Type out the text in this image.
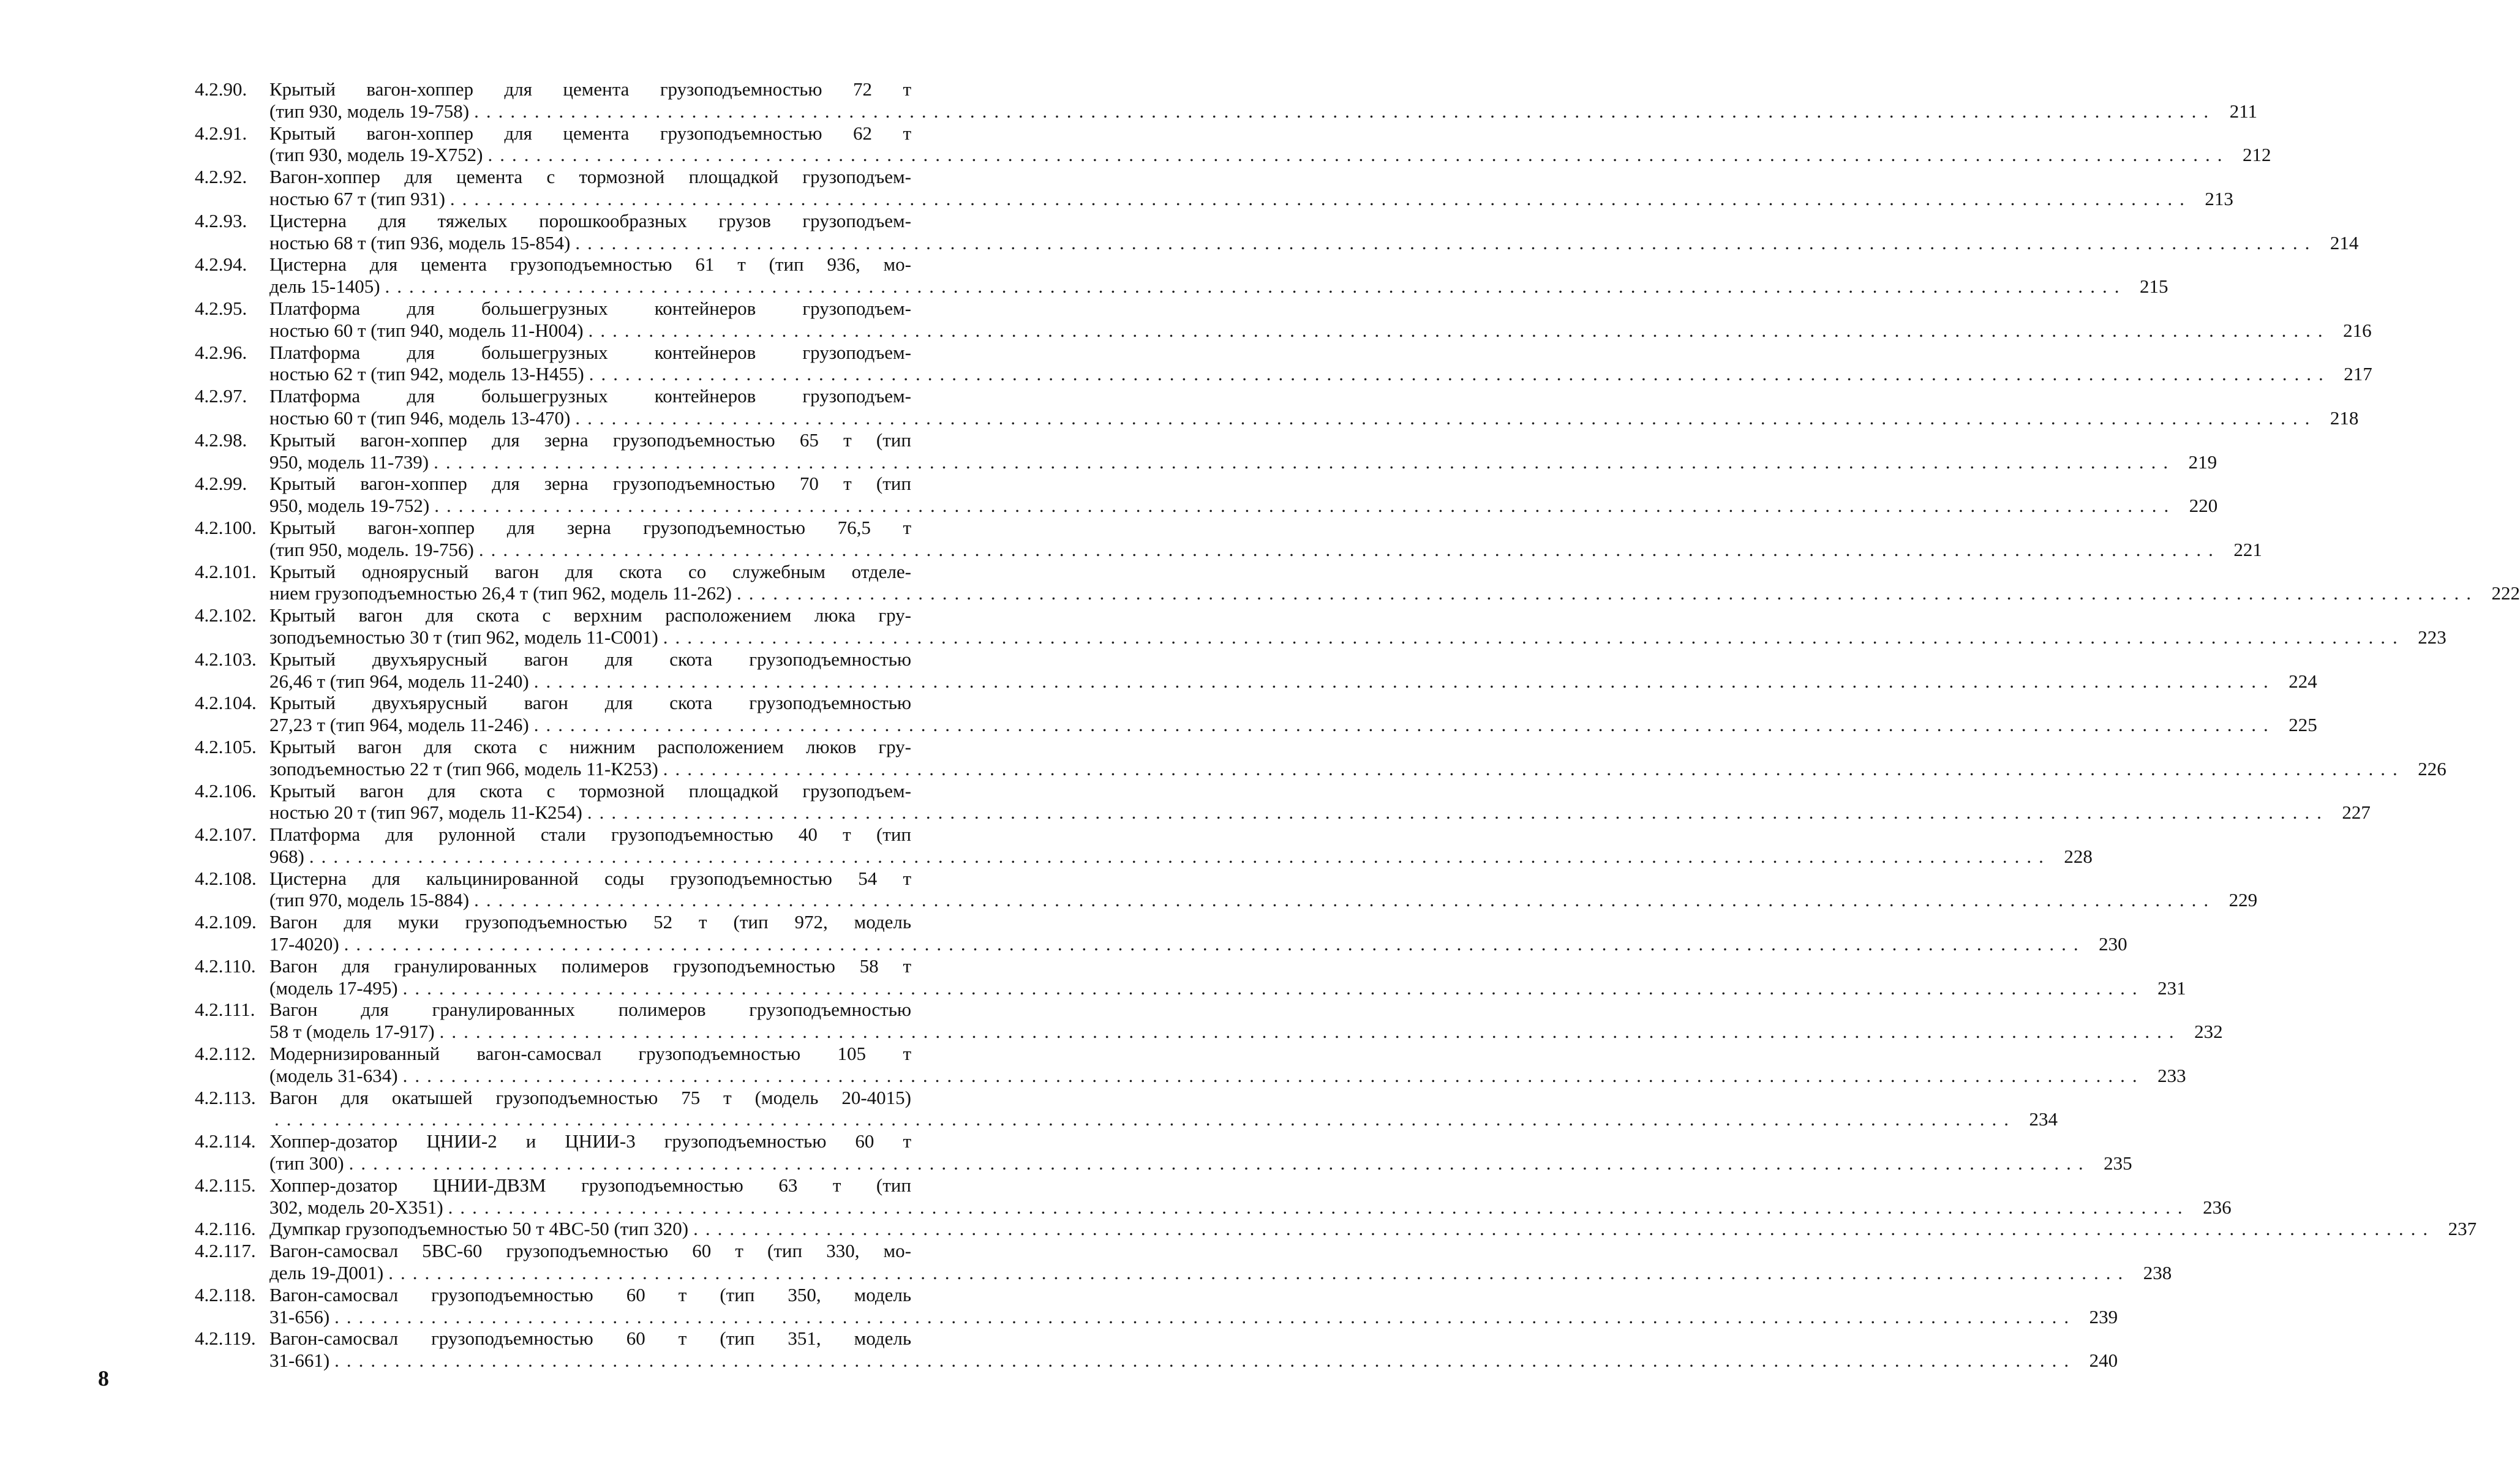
4.2.90.	Крытый вагон-хоппер для цемента грузоподъемностью 72 т
(тип 930, модель 19-758) ................................................................................................................................................ 211
4.2.91.	Крытый вагон-хоппер для цемента грузоподъемностью 62 т
(тип 930, модель 19-Х752) ................................................................................................................................................ 212
4.2.92.	Вагон-хоппер для цемента с тормозной площадкой грузоподъем-
ностью 67 т (тип 931) ................................................................................................................................................ 213
4.2.93.	Цистерна для тяжелых порошкообразных грузов грузоподъем-
ностью 68 т (тип 936, модель 15-854) ................................................................................................................................................ 214
4.2.94.	Цистерна для цемента грузоподъемностью 61 т (тип 936, мо-
дель 15-1405) ................................................................................................................................................ 215
4.2.95.	Платформа для большегрузных контейнеров грузоподъем-
ностью 60 т (тип 940, модель 11-Н004) ................................................................................................................................................ 216
4.2.96.	Платформа для большегрузных контейнеров грузоподъем-
ностью 62 т (тип 942, модель 13-Н455) ................................................................................................................................................ 217
4.2.97.	Платформа для большегрузных контейнеров грузоподъем-
ностью 60 т (тип 946, модель 13-470) ................................................................................................................................................ 218
4.2.98.	Крытый вагон-хоппер для зерна грузоподъемностью 65 т (тип
950, модель 11-739) ................................................................................................................................................ 219
4.2.99.	Крытый вагон-хоппер для зерна грузоподъемностью 70 т (тип
950, модель 19-752) ................................................................................................................................................ 220
4.2.100. Крытый вагон-хоппер для зерна грузоподъемностью 76,5 т
(тип 950, модель. 19-756) ................................................................................................................................................ 221
4.2.101. Крытый одноярусный вагон для скота со служебным отделе-
нием грузоподъемностью 26,4 т (тип 962, модель 11-262) ................................................................................................................................................ 222
4.2.102. Крытый вагон для скота с верхним расположением люка гру-
зоподъемностью 30 т (тип 962, модель 11-С001) ................................................................................................................................................ 223
4.2.103. Крытый двухъярусный вагон для скота грузоподъемностью
26,46 т (тип 964, модель 11-240) ................................................................................................................................................ 224
4.2.104. Крытый двухъярусный вагон для скота грузоподъемностью
27,23 т (тип 964, модель 11-246) ................................................................................................................................................ 225
4.2.105. Крытый вагон для скота с нижним расположением люков гру-
зоподъемностью 22 т (тип 966, модель 11-К253) ................................................................................................................................................ 226
4.2.106. Крытый вагон для скота с тормозной площадкой грузоподъем-
ностью 20 т (тип 967, модель 11-К254) ................................................................................................................................................ 227
4.2.107. Платформа для рулонной стали грузоподъемностью 40 т (тип
968) ................................................................................................................................................ 228
4.2.108. Цистерна для кальцинированной соды грузоподъемностью 54 т
(тип 970, модель 15-884) ................................................................................................................................................ 229
4.2.109. Вагон для муки грузоподъемностью 52 т (тип 972, модель
17-4020) ................................................................................................................................................ 230
4.2.110. Вагон для гранулированных полимеров грузоподъемностью 58 т
(модель 17-495) ................................................................................................................................................ 231
4.2.111. Вагон для гранулированных полимеров грузоподъемностью
58 т (модель 17-917) ................................................................................................................................................ 232
4.2.112. Модернизированный вагон-самосвал грузоподъемностью 105 т
(модель 31-634) ................................................................................................................................................ 233
4.2.113. Вагон для окатышей грузоподъемностью 75 т (модель 20-4015)
................................................................................................................................................ 234
4.2.114. Хоппер-дозатор ЦНИИ-2 и ЦНИИ-3 грузоподъемностью 60 т
(тип 300) ................................................................................................................................................ 235
4.2.115. Хоппер-дозатор ЦНИИ-ДВЗМ грузоподъемностью 63 т (тип
302, модель 20-Х351) ................................................................................................................................................ 236
4.2.116. Думпкар грузоподъемностью 50 т 4ВС-50 (тип 320) ................................................................................................................................................ 237
4.2.117. Вагон-самосвал 5ВС-60 грузоподъемностью 60 т (тип 330, мо-
дель 19-Д001) ................................................................................................................................................ 238
4.2.118. Вагон-самосвал грузоподъемностью 60 т (тип 350, модель
31-656) ................................................................................................................................................ 239
4.2.119. Вагон-самосвал грузоподъемностью 60 т (тип 351, модель
31-661) ................................................................................................................................................ 240
8
